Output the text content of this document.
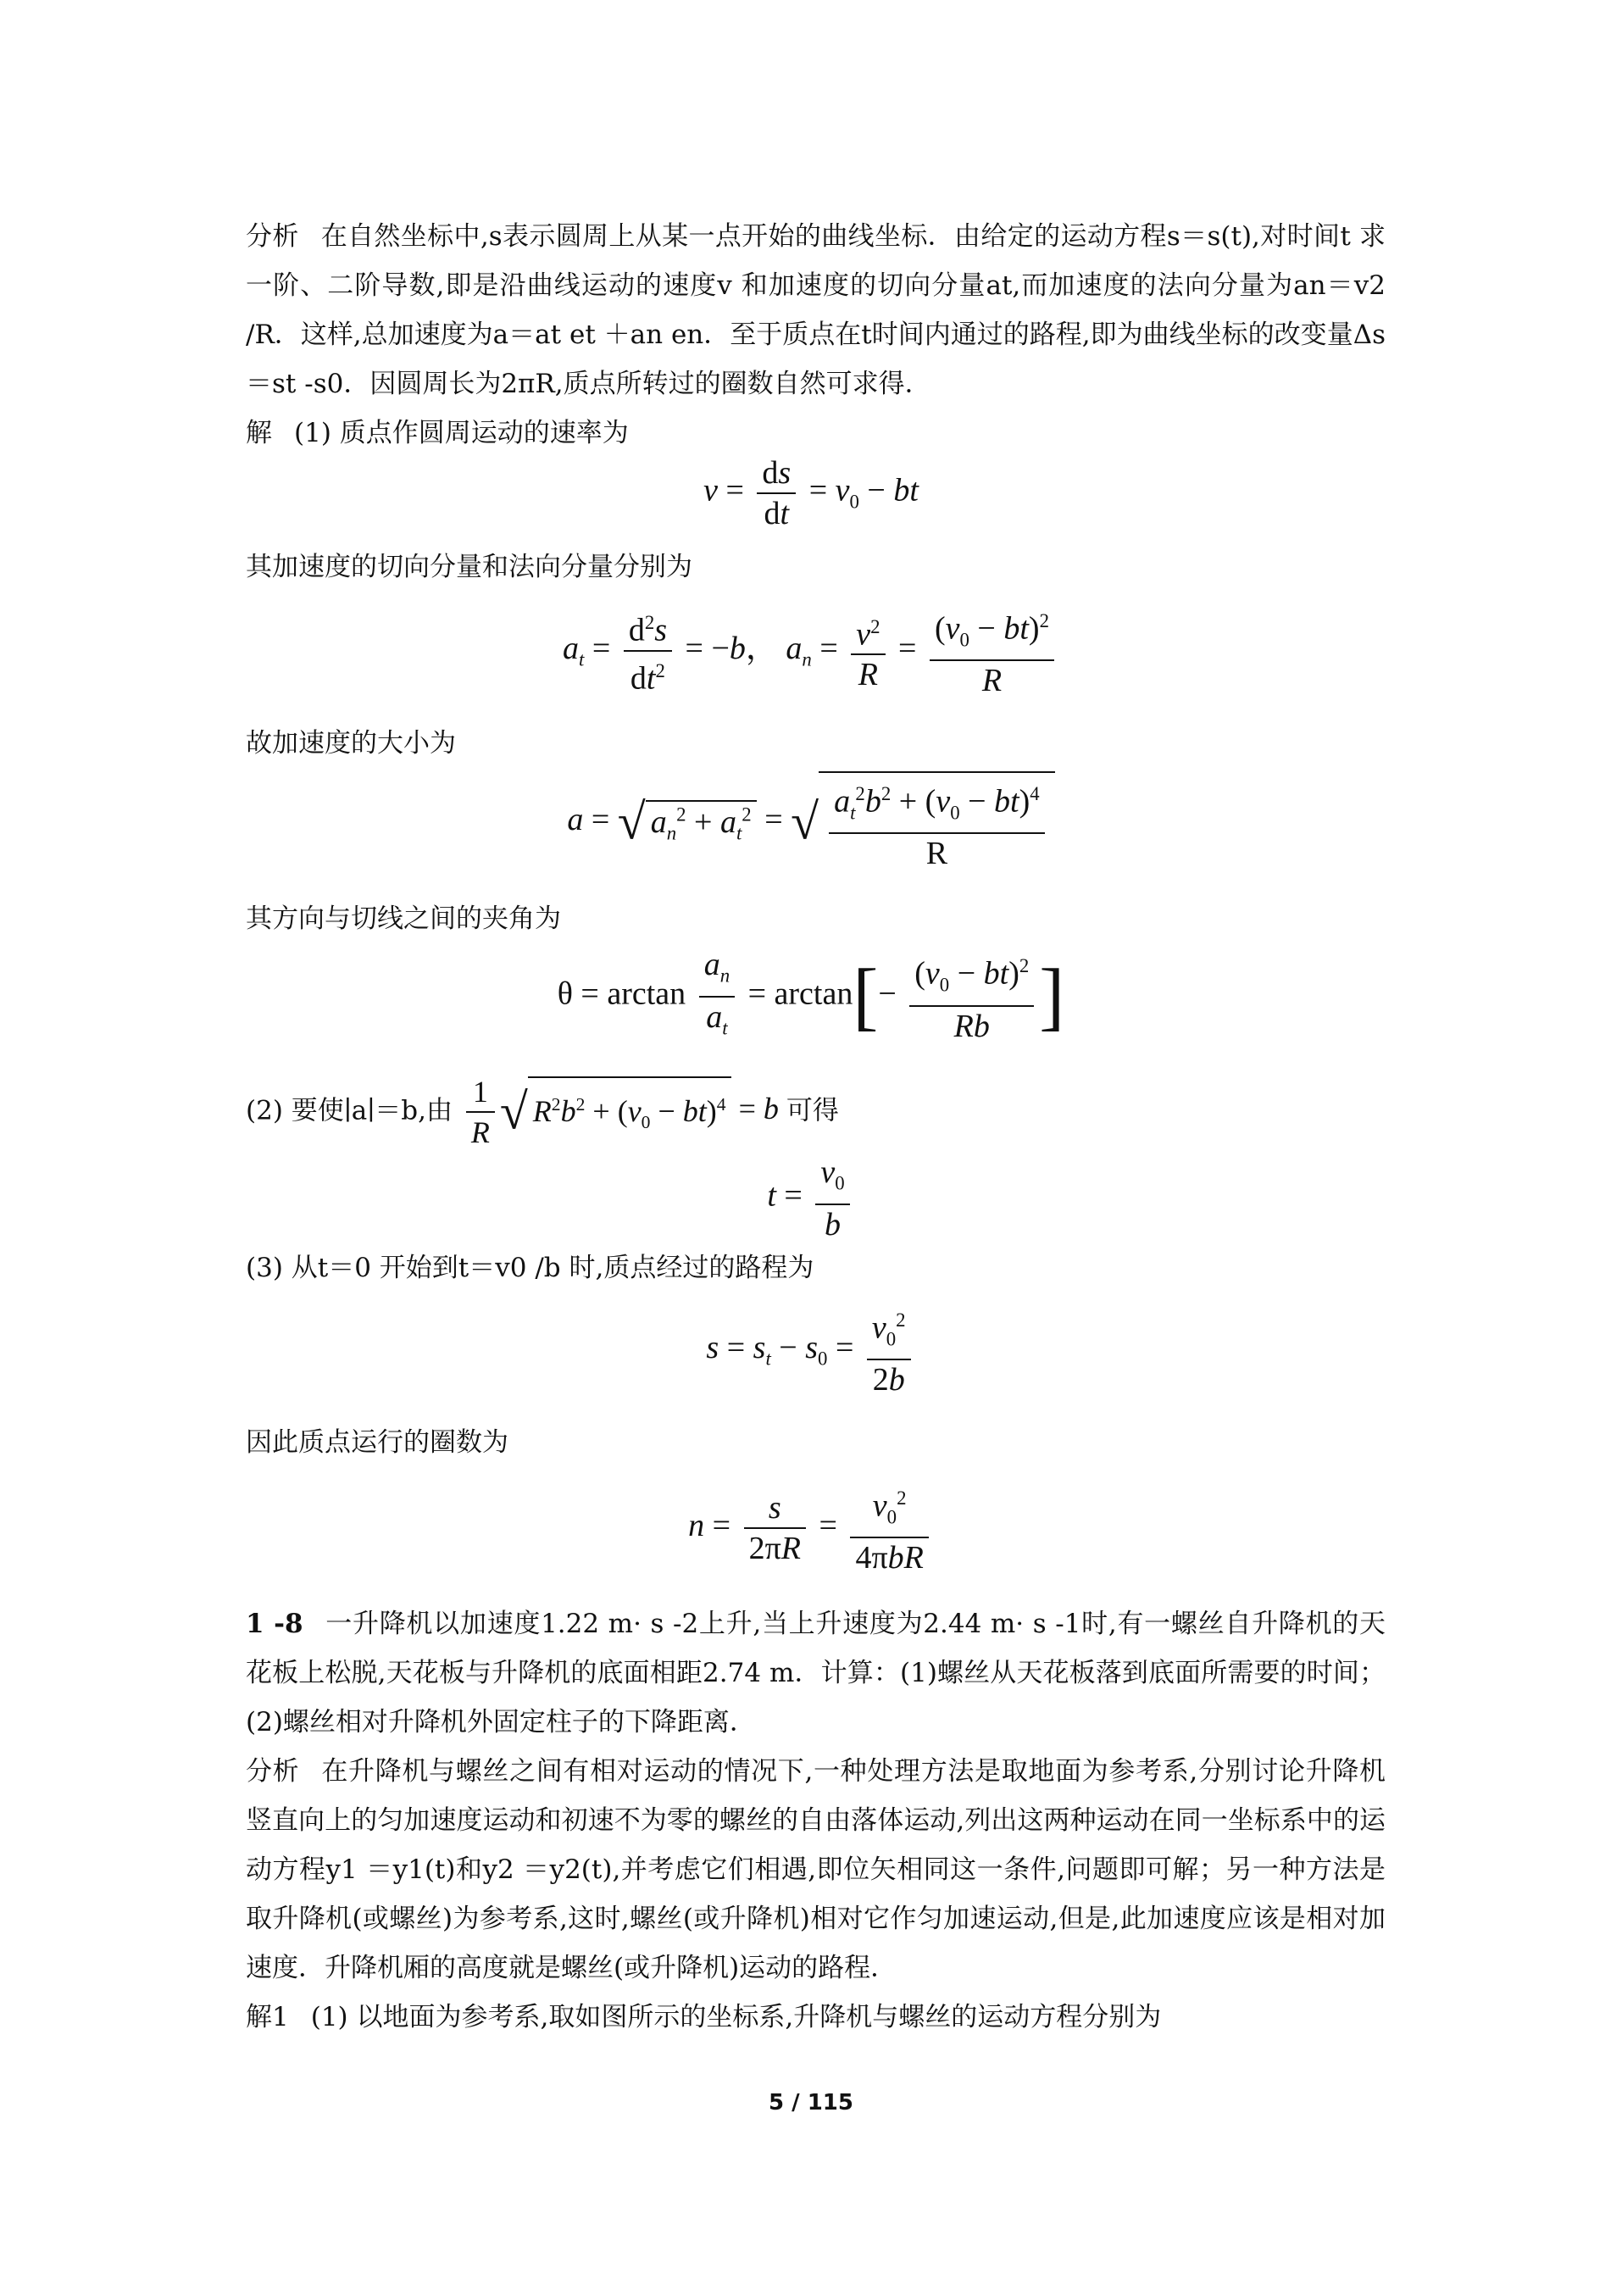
分析 在自然坐标中,s表示圆周上从某一点开始的曲线坐标．由给定的运动方程s＝s(t),对时间t 求一阶、二阶导数,即是沿曲线运动的速度v 和加速度的切向分量at,而加速度的法向分量为an＝v2 /R．这样,总加速度为a＝at et ＋an en．至于质点在t时间内通过的路程,即为曲线坐标的改变量Δs＝st -s0．因圆周长为2πR,质点所转过的圈数自然可求得．

解 (1) 质点作圆周运动的速率为

$v = \frac{ds}{dt} = v_0$ − bt

其加速度的切向分量和法向分量分别为

$a_t = \frac{d^2s}{dt^2} = -b$， $a_n = \frac{v^2}{R} = \frac{(v_0 - bt)^2}{R}$

故加速度的大小为

a = √ $a_n^2 + a_t^2$ = √ $\frac{a_t^2b^2 + (v_0 - bt)^4}{R}$

其方向与切线之间的夹角为

$\theta = \arctan \frac{a_n}{a_t} = \arctan[- \frac{(v_0 - bt)^2}{Rb}$ ]

(2) 要使∣a∣＝b,由 $\frac{1}{R}$ √ $R^2b^2 + (v_0 - bt)^4 = b$ 可得

$t = \frac{v_0}{b}$

(3) 从t＝0 开始到t＝v0 /b 时,质点经过的路程为

$s = s_t - s_0 = \frac{v_0^2}{2b}$

因此质点运行的圈数为

$n = \frac{s}{2\pi R} = \frac{v_0^2}{\text{4πbR}}$

1 -8 一升降机以加速度1.22 m· s -2上升,当上升速度为2.44 m· s -1时,有一螺丝自升降机的天花板上松脱,天花板与升降机的底面相距2.74 m．计算：(1)螺丝从天花板落到底面所需要的时间；(2)螺丝相对升降机外固定柱子的下降距离．

分析 在升降机与螺丝之间有相对运动的情况下,一种处理方法是取地面为参考系,分别讨论升降机竖直向上的匀加速度运动和初速不为零的螺丝的自由落体运动,列出这两种运动在同一坐标系中的运动方程y1 ＝y1(t)和y2 ＝y2(t),并考虑它们相遇,即位矢相同这一条件,问题即可解；另一种方法是取升降机(或螺丝)为参考系,这时,螺丝(或升降机)相对它作匀加速运动,但是,此加速度应该是相对加速度．升降机厢的高度就是螺丝(或升降机)运动的路程．

解1 (1) 以地面为参考系,取如图所示的坐标系,升降机与螺丝的运动方程分别为

5 / 115
